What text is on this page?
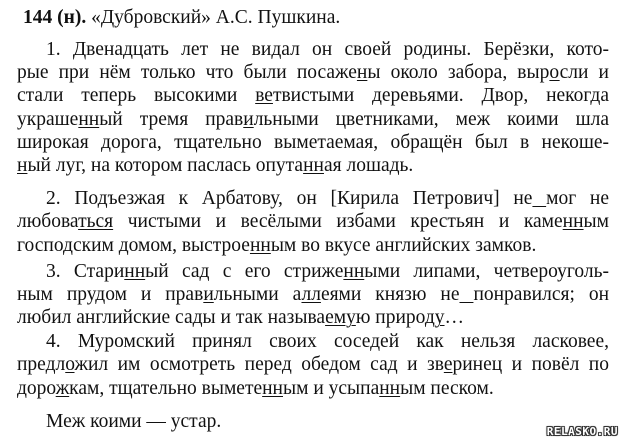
144 (н). «Дубровский» А.С. Пушкина.
1. Двенадцать лет не видал он своей родины. Берёзки, кото-
рые при нём только что были посажены около забора, выросли и
стали теперь высокими ветвистыми деревьями. Двор, некогда
украшенный тремя правильными цветниками, меж коими шла
широкая дорога, тщательно выметаемая, обращён был в некоше-
ный луг, на котором паслась опутанная лошадь.
2. Подъезжая к Арбатову, он [Кирила Петрович] не мог не
любоваться чистыми и весёлыми избами крестьян и каменным
господским домом, выстроенным во вкусе английских замков.
3. Старинный сад с его стриженными липами, четвероуголь-
ным прудом и правильными аллеями князю не понравился; он
любил английские сады и так называемую природу…
4. Муромский принял своих соседей как нельзя ласковее,
предложил им осмотреть перед обедом сад и зверинец и повёл по
дорожкам, тщательно выметeнным и усыпанным песком.
Меж коими — устар.	RELASKO.RU
